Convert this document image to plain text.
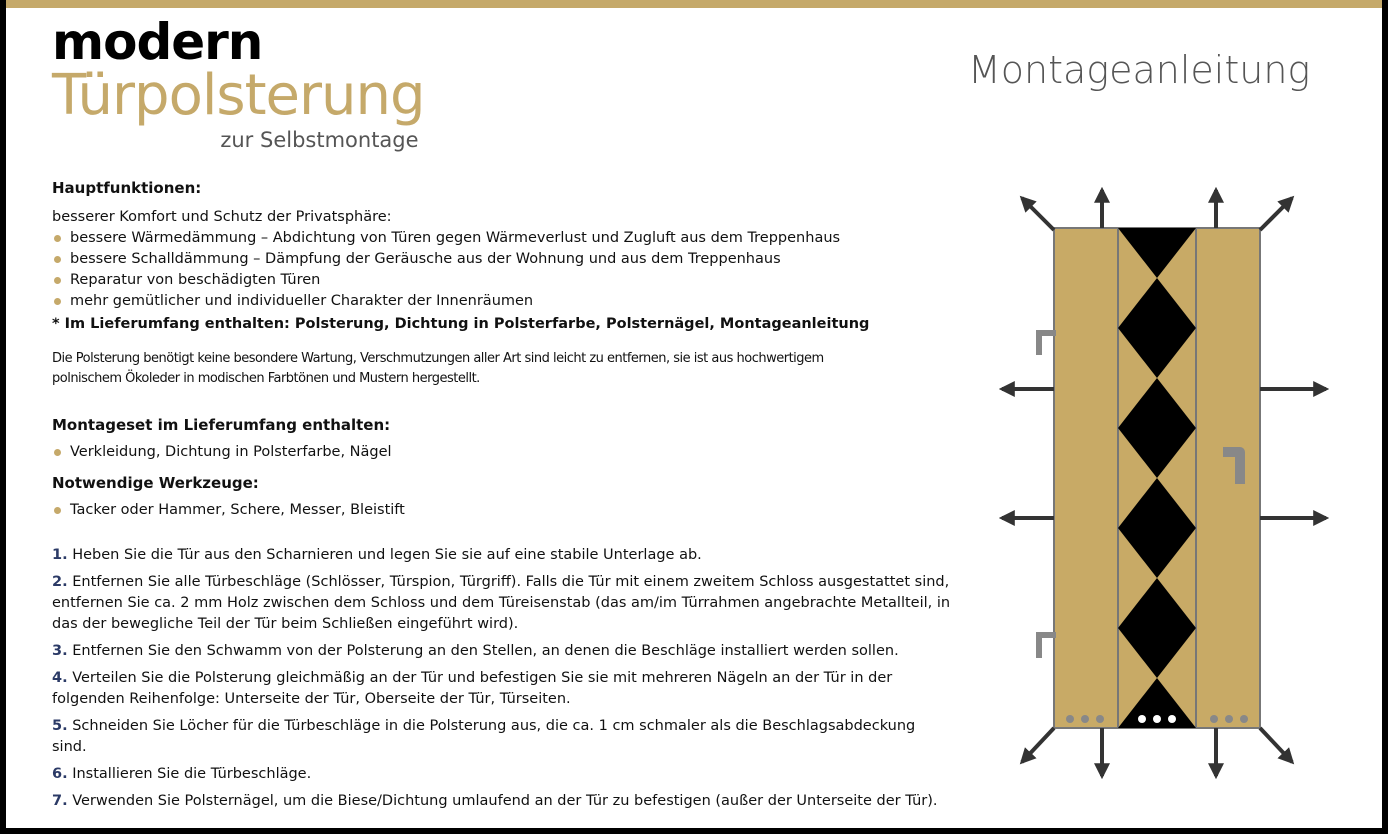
modern
Türpolsterung
zur Selbstmontage
Montageanleitung
Hauptfunktionen:
besserer Komfort und Schutz der Privatsphäre:
bessere Wärmedämmung – Abdichtung von Türen gegen Wärmeverlust und Zugluft aus dem Treppenhaus
bessere Schalldämmung – Dämpfung der Geräusche aus der Wohnung und aus dem Treppenhaus
Reparatur von beschädigten Türen
mehr gemütlicher und individueller Charakter der Innenräumen
* Im Lieferumfang enthalten: Polsterung, Dichtung in Polsterfarbe, Polsternägel, Montageanleitung
Die Polsterung benötigt keine besondere Wartung, Verschmutzungen aller Art sind leicht zu entfernen, sie ist aus hochwertigem
polnischem Ökoleder in modischen Farbtönen und Mustern hergestellt.
Montageset im Lieferumfang enthalten:
Verkleidung, Dichtung in Polsterfarbe, Nägel
Notwendige Werkzeuge:
Tacker oder Hammer, Schere, Messer, Bleistift
1. Heben Sie die Tür aus den Scharnieren und legen Sie sie auf eine stabile Unterlage ab.
2. Entfernen Sie alle Türbeschläge (Schlösser, Türspion, Türgriff). Falls die Tür mit einem zweitem Schloss ausgestattet sind, entfernen Sie ca. 2 mm Holz zwischen dem Schloss und dem Türeisenstab (das am/im Türrahmen angebrachte Metallteil, in das der bewegliche Teil der Tür beim Schließen eingeführt wird).
3. Entfernen Sie den Schwamm von der Polsterung an den Stellen, an denen die Beschläge installiert werden sollen.
4. Verteilen Sie die Polsterung gleichmäßig an der Tür und befestigen Sie sie mit mehreren Nägeln an der Tür in der folgenden Reihenfolge: Unterseite der Tür, Oberseite der Tür, Türseiten.
5. Schneiden Sie Löcher für die Türbeschläge in die Polsterung aus, die ca. 1 cm schmaler als die Beschlagsabdeckung sind.
6. Installieren Sie die Türbeschläge.
7. Verwenden Sie Polsternägel, um die Biese/Dichtung umlaufend an der Tür zu befestigen (außer der Unterseite der Tür).
